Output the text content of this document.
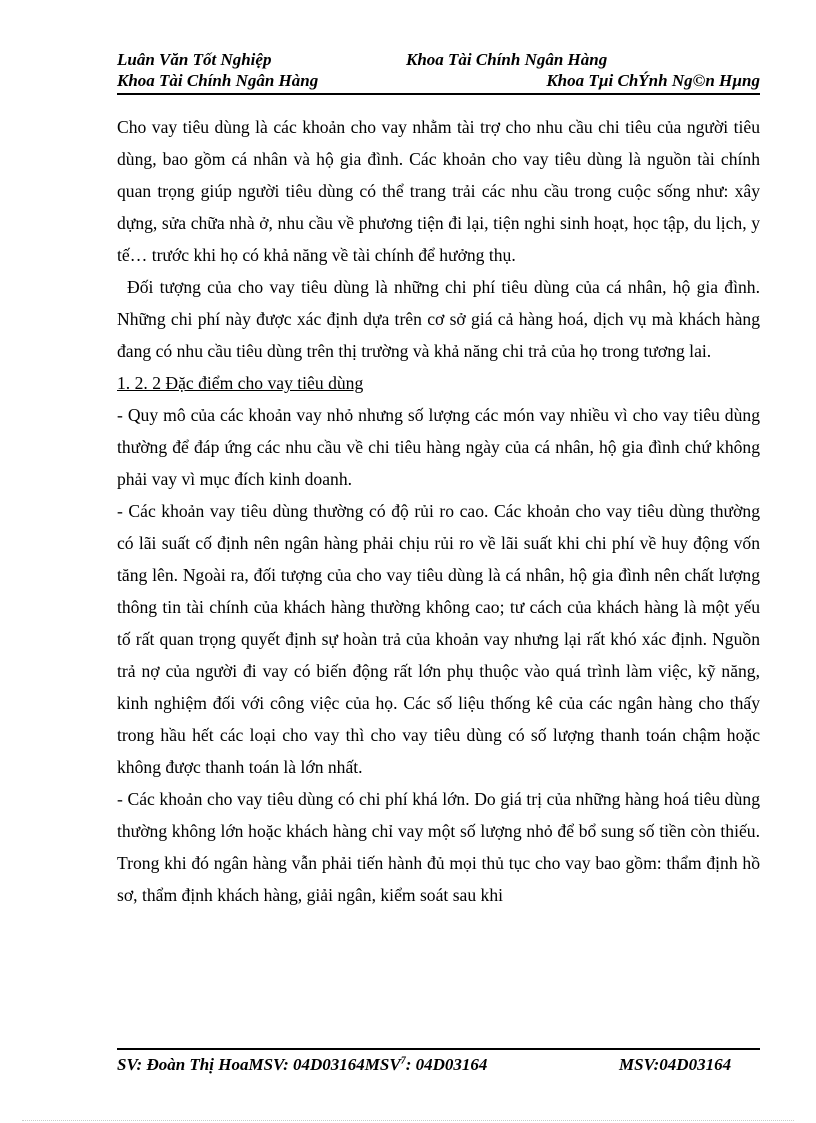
Luân Văn Tốt Nghiệp	Khoa Tài Chính Ngân Hàng
Khoa Tài Chính Ngân Hàng	Khoa Tµi ChÝnh Ng©n Hµng

Cho vay tiêu dùng là các khoản cho vay nhằm tài trợ cho nhu cầu chi tiêu của người tiêu dùng, bao gồm cá nhân và hộ gia đình. Các khoản cho vay tiêu dùng là nguồn tài chính quan trọng giúp người tiêu dùng có thể trang trải các nhu cầu trong cuộc sống như: xây dựng, sửa chữa nhà ở, nhu cầu về phương tiện đi lại, tiện nghi sinh hoạt, học tập, du lịch, y tế… trước khi họ có khả năng về tài chính để hưởng thụ.

Đối tượng của cho vay tiêu dùng là những chi phí tiêu dùng của cá nhân, hộ gia đình. Những chi phí này được xác định dựa trên cơ sở giá cả hàng hoá, dịch vụ mà khách hàng đang có nhu cầu tiêu dùng trên thị trường và khả năng chi trả của họ trong tương lai.

1. 2. 2 Đặc điểm cho vay tiêu dùng

- Quy mô của các khoản vay nhỏ nhưng số lượng các món vay nhiều vì cho vay tiêu dùng thường để đáp ứng các nhu cầu về chi tiêu hàng ngày của cá nhân, hộ gia đình chứ không phải vay vì mục đích kinh doanh.

- Các khoản vay tiêu dùng thường có độ rủi ro cao. Các khoản cho vay tiêu dùng thường có lãi suất cố định nên ngân hàng phải chịu rủi ro về lãi suất khi chi phí về huy động vốn tăng lên. Ngoài ra, đối tượng của cho vay tiêu dùng là cá nhân, hộ gia đình nên chất lượng thông tin tài chính của khách hàng thường không cao; tư cách của khách hàng là một yếu tố rất quan trọng quyết định sự hoàn trả của khoản vay nhưng lại rất khó xác định. Nguồn trả nợ của người đi vay có biến động rất lớn phụ thuộc vào quá trình làm việc, kỹ năng, kinh nghiệm đối với công việc của họ. Các số liệu thống kê của các ngân hàng cho thấy trong hầu hết các loại cho vay thì cho vay tiêu dùng có số lượng thanh toán chậm hoặc không được thanh toán là lớn nhất.

- Các khoản cho vay tiêu dùng có chi phí khá lớn. Do giá trị của những hàng hoá tiêu dùng thường không lớn hoặc khách hàng chỉ vay một số lượng nhỏ để bổ sung số tiền còn thiếu. Trong khi đó ngân hàng vẫn phải tiến hành đủ mọi thủ tục cho vay bao gồm: thẩm định hồ sơ, thẩm định khách hàng, giải ngân, kiểm soát sau khi

SV: Đoàn Thị HoaMSV: 04D03164MSV$^7$: 04D03164	MSV:04D03164
